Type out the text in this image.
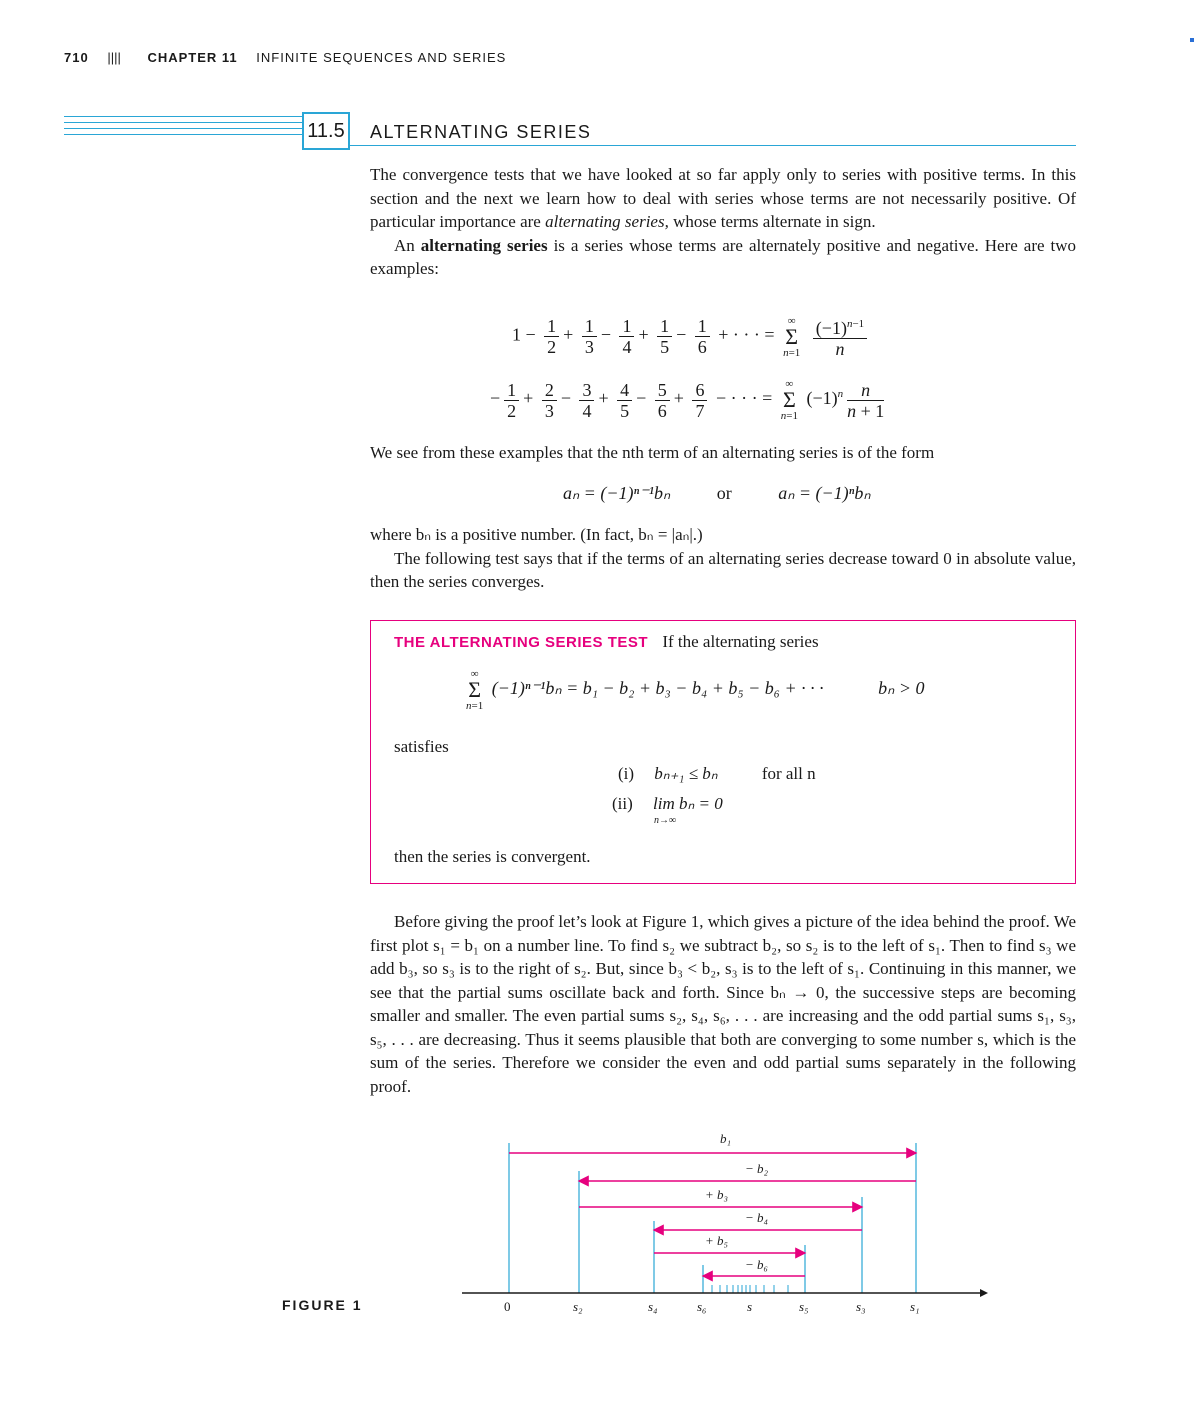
710 |||| CHAPTER 11 INFINITE SEQUENCES AND SERIES
11.5 ALTERNATING SERIES

The convergence tests that we have looked at so far apply only to series with positive terms. In this section and the next we learn how to deal with series whose terms are not necessarily positive. Of particular importance are alternating series, whose terms alternate in sign.

An alternating series is a series whose terms are alternately positive and negative. Here are two examples:

$1 - \frac{1}{2} + \frac{1}{3} - \frac{1}{4} + \frac{1}{5} - \frac{1}{6}$ + · · · = ∞
Σ
$n=1 \frac{(-1)^{n-1}}{n}$
− $\frac{1}{2} + \frac{2}{3} - \frac{3}{4} + \frac{4}{5} - \frac{5}{6} + \frac{6}{7}$ − · · · = ∞
Σ
n=1 $(-1)^n \frac{n}{n + 1}$
We see from these examples that the nth term of an alternating series is of the form
aₙ = (−1)ⁿ⁻¹bₙ	or	aₙ = (−1)ⁿbₙ

where bₙ is a positive number. (In fact, bₙ = |aₙ|.)

The following test says that if the terms of an alternating series decrease toward 0 in absolute value, then the series converges.

THE ALTERNATING SERIES TEST If the alternating series
∞
Σ
n=1 (−1)ⁿ⁻¹bₙ = b₁ − b₂ + b₃ − b₄ + b₅ − b₆ + · · ·	bₙ > 0
satisfies
(i) bₙ₊₁ ≤ bₙ	for all n
(ii) lim bₙ = 0
n→∞
then the series is convergent.
Before giving the proof let’s look at Figure 1, which gives a picture of the idea behind the proof. We first plot s₁ = b₁ on a number line. To find s₂ we subtract b₂, so s₂ is to the left of s₁. Then to find s₃ we add b₃, so s₃ is to the right of s₂. But, since b₃ < b₂, s₃ is to the left of s₁. Continuing in this manner, we see that the partial sums oscillate back and forth. Since bₙ → 0, the successive steps are becoming smaller and smaller. The even partial sums s₂, s₄, s₆, . . . are increasing and the odd partial sums s₁, s₃, s₅, . . . are decreasing. Thus it seems plausible that both are converging to some number s, which is the sum of the series. Therefore we consider the even and odd partial sums separately in the following proof.
FIGURE 1
b₁
− b₂
+ b₃
− b₄
+ b₅
− b₆
0	s₂	s₄	s₆	s	s₅	s₃	s₁
